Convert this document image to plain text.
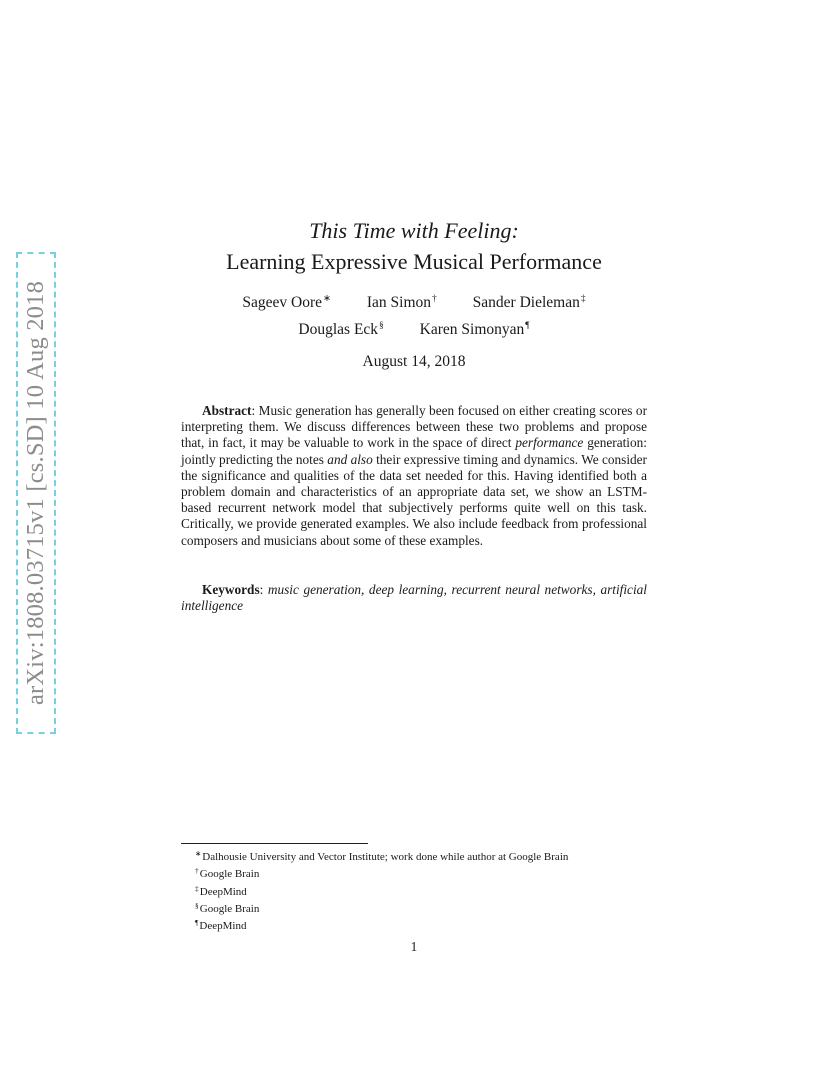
arXiv:1808.03715v1 [cs.SD] 10 Aug 2018
This Time with Feeling:
Learning Expressive Musical Performance
Sageev Oore∗ Ian Simon† Sander Dieleman‡
Douglas Eck§ Karen Simonyan¶
August 14, 2018
Abstract: Music generation has generally been focused on either creating scores or interpreting them. We discuss differences between these two problems and propose that, in fact, it may be valuable to work in the space of direct performance generation: jointly predicting the notes and also their expressive timing and dynamics. We consider the significance and qualities of the data set needed for this. Having identified both a problem domain and characteristics of an appropriate data set, we show an LSTM-based recurrent network model that subjectively performs quite well on this task. Critically, we provide generated examples. We also include feedback from professional composers and musicians about some of these examples.
Keywords: music generation, deep learning, recurrent neural networks, artificial intelligence
∗Dalhousie University and Vector Institute; work done while author at Google Brain
†Google Brain
‡DeepMind
§Google Brain
¶DeepMind
1
